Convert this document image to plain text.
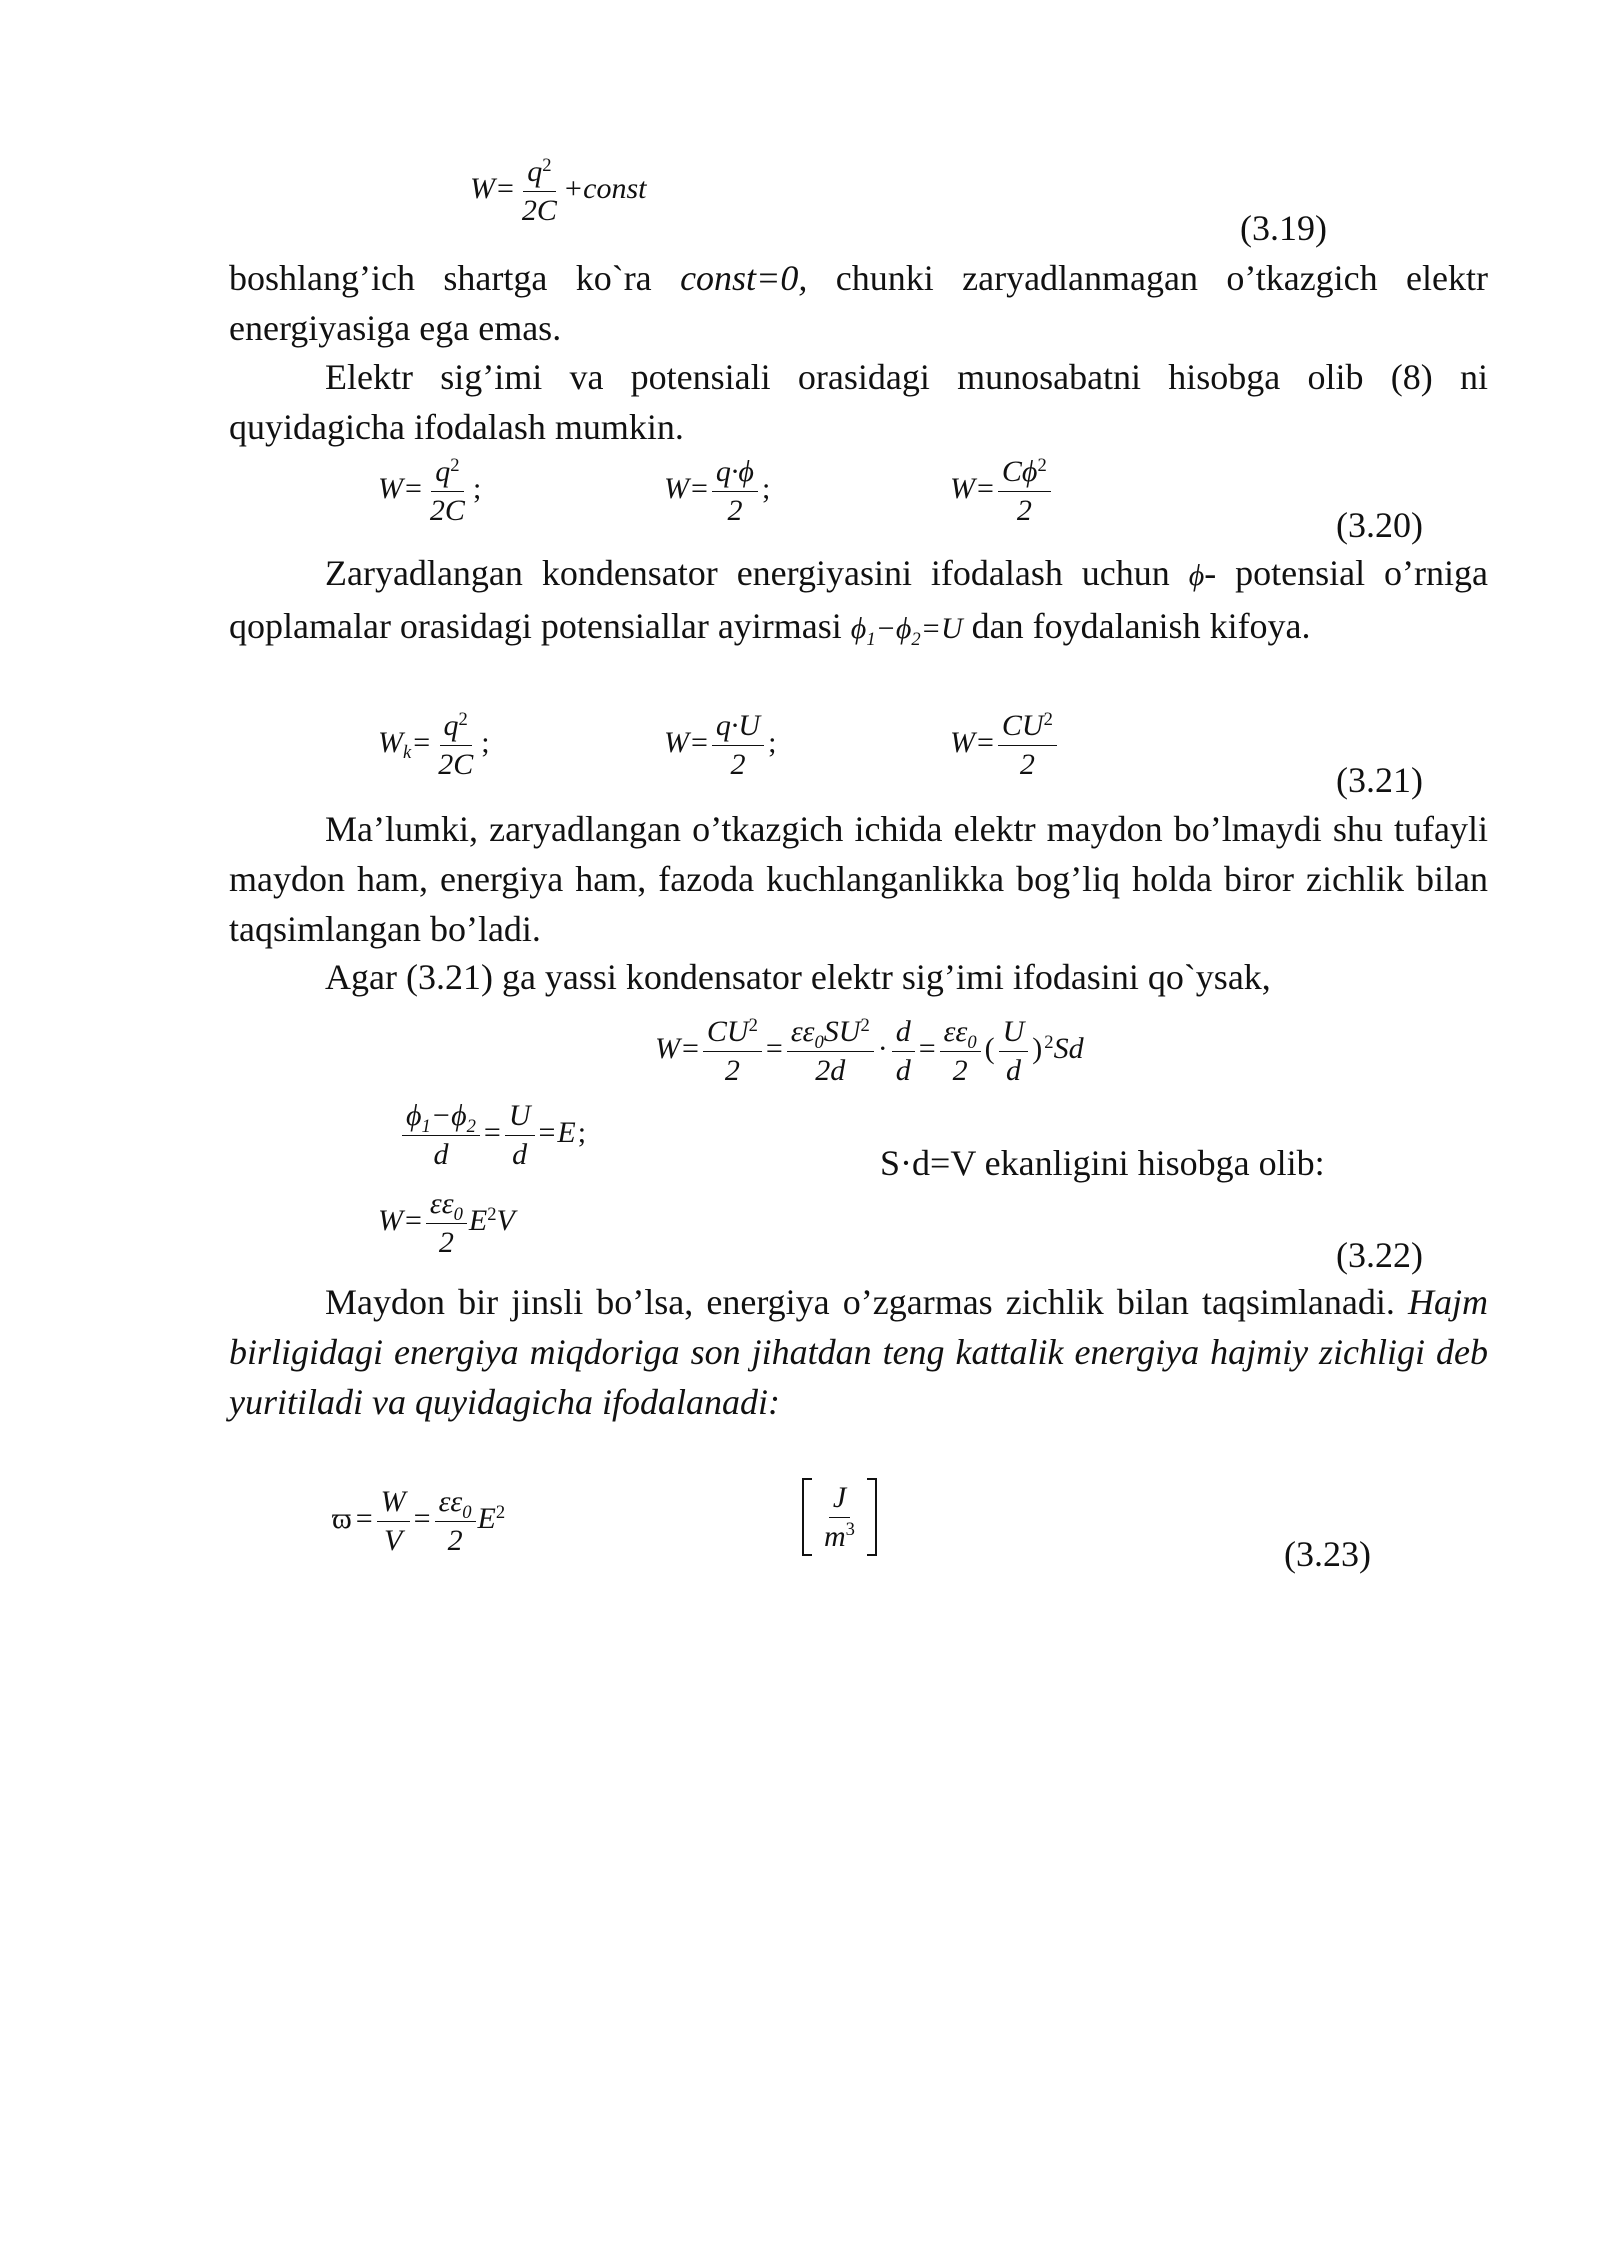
$W= \frac{q^2}{2C}$ +const
(3.19)

boshlang’ich shartga ko`ra const=0, chunki zaryadlanmagan o’tkazgich elektr energiyasiga ega emas.

Elektr sig’imi va potensiali orasidagi munosabatni hisobga olib (8) ni quyidagicha ifodalash mumkin.

$W= \frac{q^2}{2C}$ ;	$W= \frac{q\cdot\phi}{2}$ ;	$W= \frac{C\phi^2}{2}$	(3.20)

Zaryadlangan kondensator energiyasini ifodalash uchun ϕ- potensial o’rniga qoplamalar orasidagi potensiallar ayirmasi $\phi_1-\phi_2=U$ dan foydalanish kifoya.

$W_k= \frac{q^2}{2C}$ ;	$W= \frac{q\cdot U}{2}$ ;	$W= \frac{CU^2}{2}$	(3.21)

Ma’lumki, zaryadlangan o’tkazgich ichida elektr maydon bo’lmaydi shu tufayli maydon ham, energiya ham, fazoda kuchlanganlikka bog’liq holda biror zichlik bilan taqsimlangan bo’ladi.

Agar (3.21) ga yassi kondensator elektr sig’imi ifodasini qo`ysak,

$W= \frac{CU^2}{2} = \frac{\varepsilon\varepsilon_0SU^2}{2d} \cdot \frac{d}{d} = \frac{\varepsilon\varepsilon_0}{2}$ ( $\frac{U}{d}$ ) $^2$Sd
$\frac{\phi_1-\phi_2}{d} = \frac{U}{d} =E$;

S·d=V ekanligini hisobga olib:

$W= \frac{\varepsilon\varepsilon_0}{2} E^2V$
(3.22)

Maydon bir jinsli bo’lsa, energiya o’zgarmas zichlik bilan taqsimlanadi. Hajm birligidagi energiya miqdoriga son jihatdan teng kattalik energiya hajmiy zichligi deb yuritiladi va quyidagicha ifodalanadi:

$ϖ = \frac{W}{V} = \frac{\varepsilon\varepsilon_0}{2} E^2$	J
$m^3$
(3.23)
